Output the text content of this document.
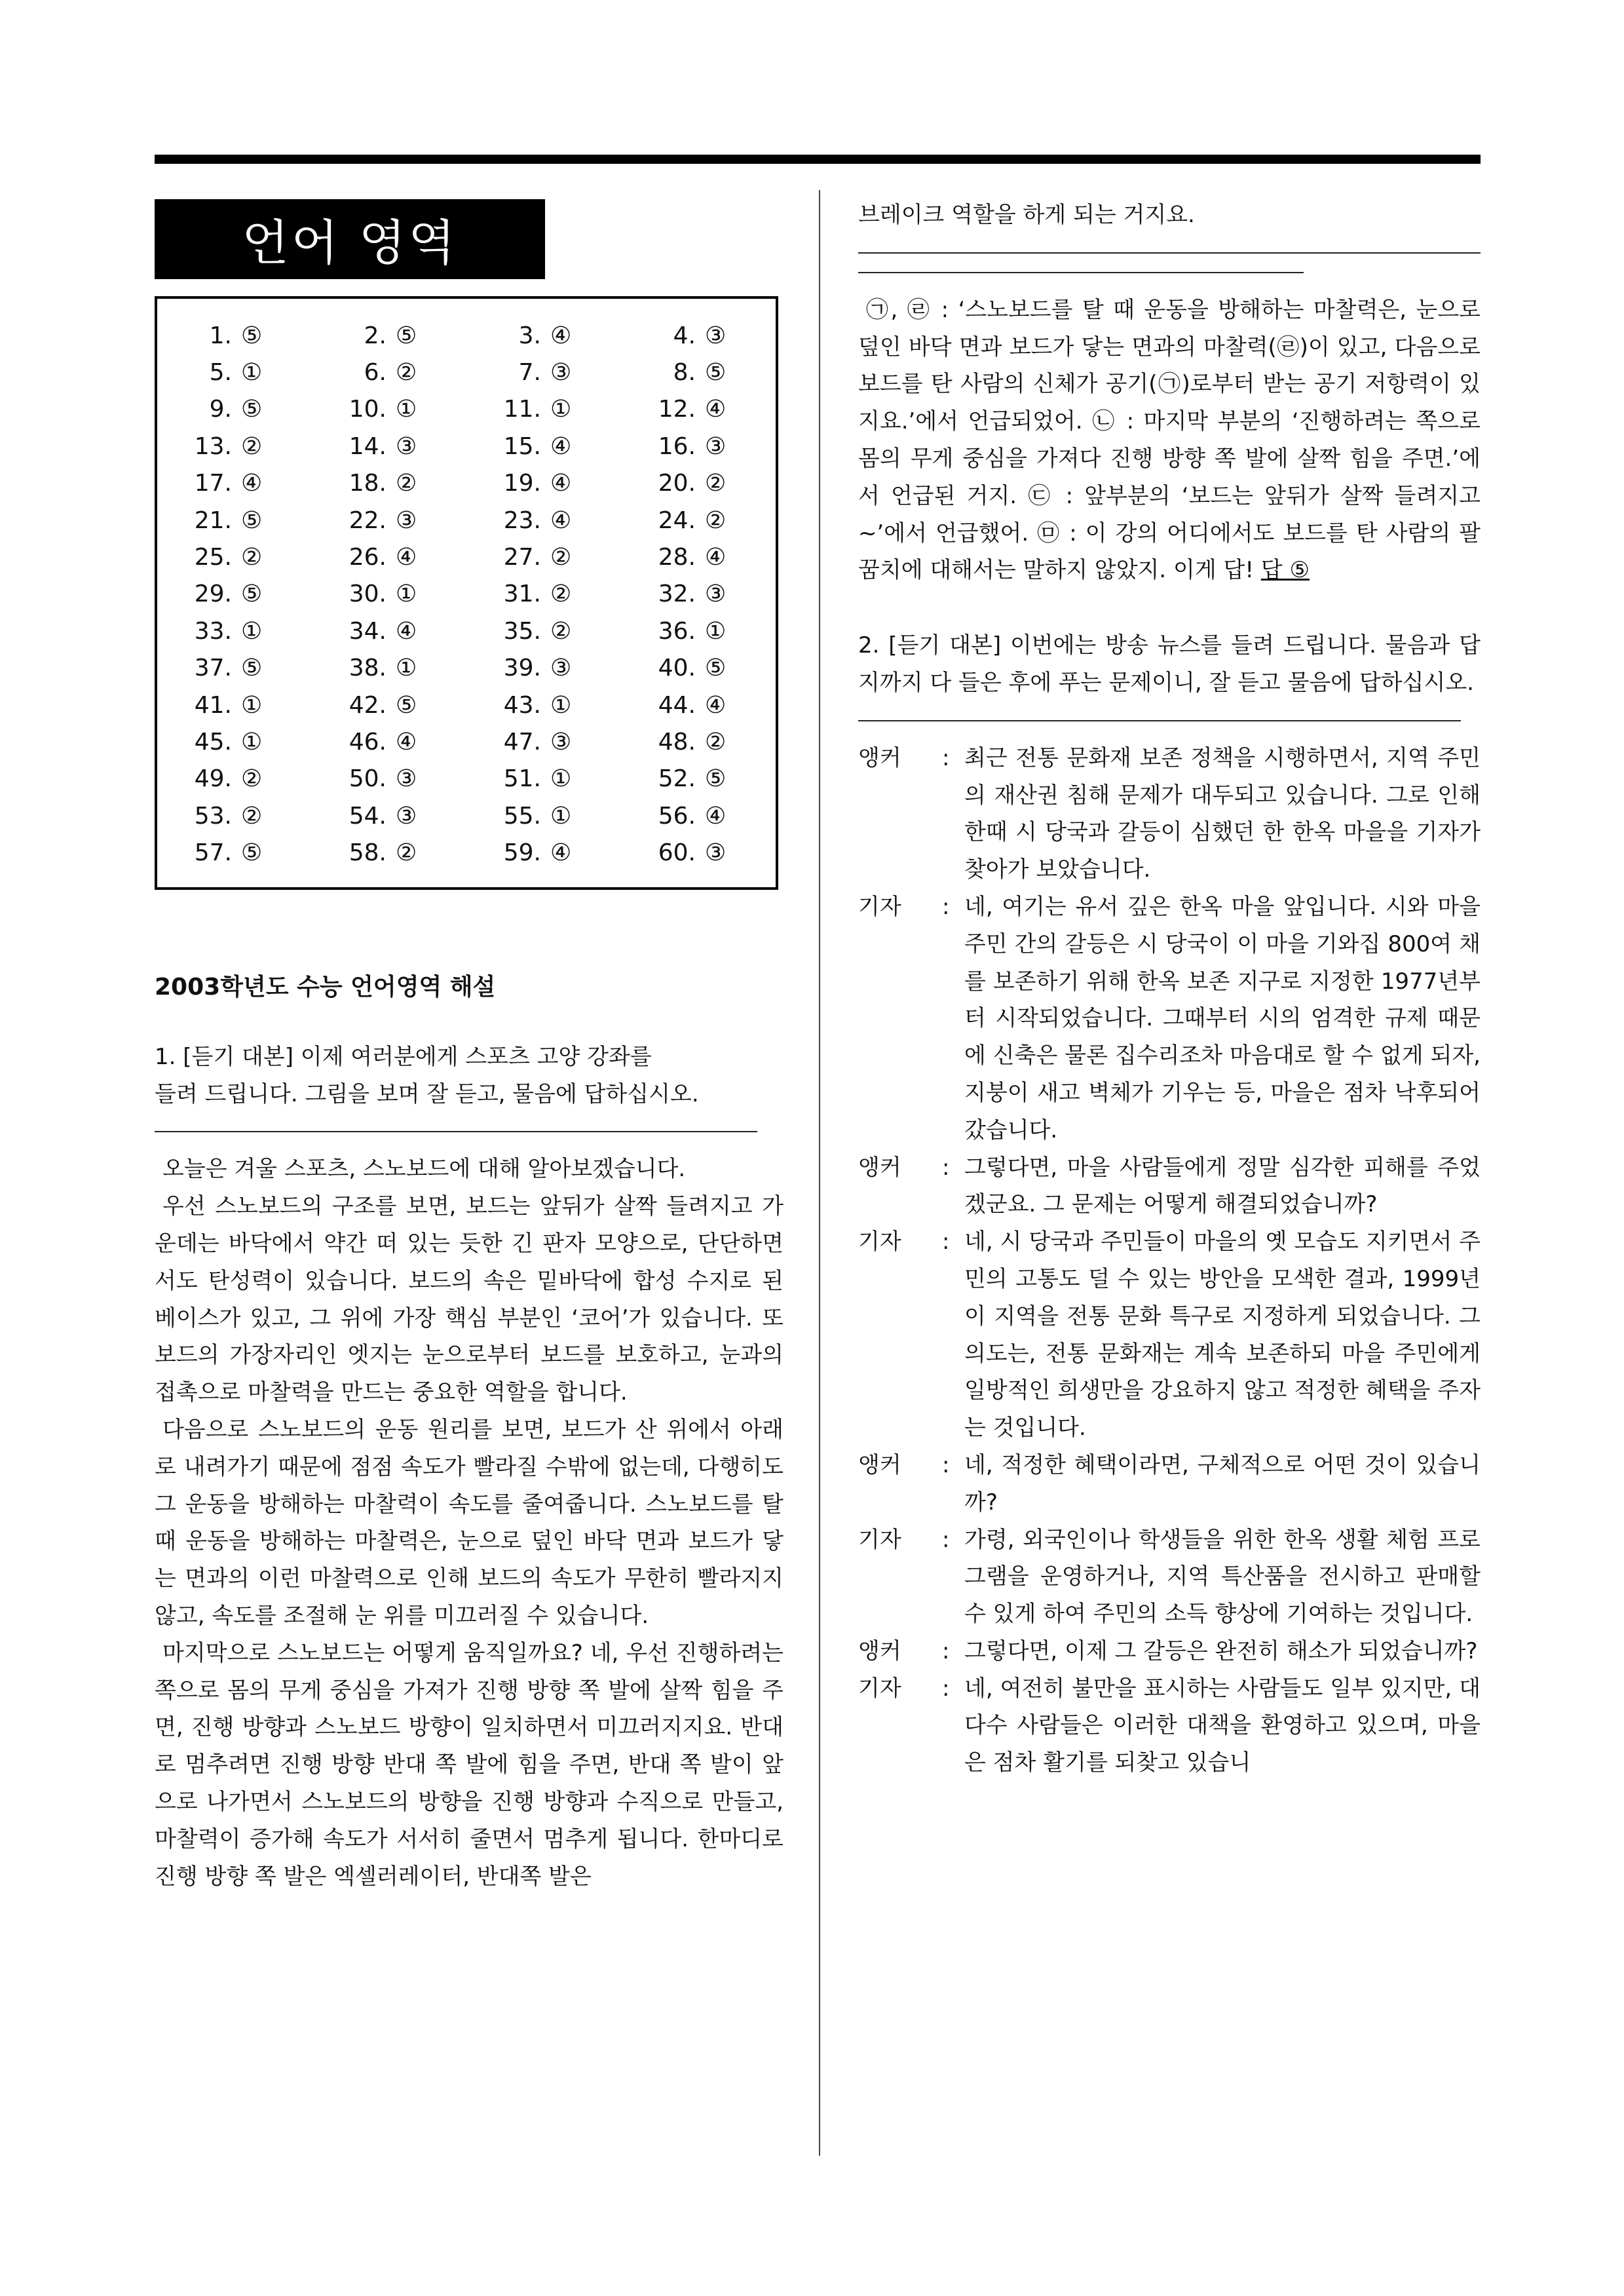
언어 영역
1. ⑤	2. ⑤	3. ④	4. ③
5. ①	6. ②	7. ③	8. ⑤
9. ⑤	10. ①	11. ①	12. ④
13. ②	14. ③	15. ④	16. ③
17. ④	18. ②	19. ④	20. ②
21. ⑤	22. ③	23. ④	24. ②
25. ②	26. ④	27. ②	28. ④
29. ⑤	30. ①	31. ②	32. ③
33. ①	34. ④	35. ②	36. ①
37. ⑤	38. ①	39. ③	40. ⑤
41. ①	42. ⑤	43. ①	44. ④
45. ①	46. ④	47. ③	48. ②
49. ②	50. ③	51. ①	52. ⑤
53. ②	54. ③	55. ①	56. ④
57. ⑤	58. ②	59. ④	60. ③
2003학년도 수능 언어영역 해설

1. [듣기 대본] 이제 여러분에게 스포츠 고양 강좌를

들려 드립니다. 그림을 보며 잘 듣고, 물음에 답하십시오.

오늘은 겨울 스포츠, 스노보드에 대해 알아보겠습니다.

우선 스노보드의 구조를 보면, 보드는 앞뒤가 살짝 들려지고 가운데는 바닥에서 약간 떠 있는 듯한 긴 판자 모양으로, 단단하면서도 탄성력이 있습니다. 보드의 속은 밑바닥에 합성 수지로 된 베이스가 있고, 그 위에 가장 핵심 부분인 ‘코어’가 있습니다. 또 보드의 가장자리인 엣지는 눈으로부터 보드를 보호하고, 눈과의 접촉으로 마찰력을 만드는 중요한 역할을 합니다.

다음으로 스노보드의 운동 원리를 보면, 보드가 산 위에서 아래로 내려가기 때문에 점점 속도가 빨라질 수밖에 없는데, 다행히도 그 운동을 방해하는 마찰력이 속도를 줄여줍니다. 스노보드를 탈 때 운동을 방해하는 마찰력은, 눈으로 덮인 바닥 면과 보드가 닿는 면과의 이런 마찰력으로 인해 보드의 속도가 무한히 빨라지지 않고, 속도를 조절해 눈 위를 미끄러질 수 있습니다.

마지막으로 스노보드는 어떻게 움직일까요? 네, 우선 진행하려는 쪽으로 몸의 무게 중심을 가져가 진행 방향 쪽 발에 살짝 힘을 주면, 진행 방향과 스노보드 방향이 일치하면서 미끄러지지요. 반대로 멈추려면 진행 방향 반대 쪽 발에 힘을 주면, 반대 쪽 발이 앞으로 나가면서 스노보드의 방향을 진행 방향과 수직으로 만들고, 마찰력이 증가해 속도가 서서히 줄면서 멈추게 됩니다. 한마디로 진행 방향 쪽 발은 엑셀러레이터, 반대쪽 발은

브레이크 역할을 하게 되는 거지요.

㉠, ㉣ : ‘스노보드를 탈 때 운동을 방해하는 마찰력은, 눈으로 덮인 바닥 면과 보드가 닿는 면과의 마찰력(㉣)이 있고, 다음으로 보드를 탄 사람의 신체가 공기(㉠)로부터 받는 공기 저항력이 있지요.’에서 언급되었어. ㉡ : 마지막 부분의 ‘진행하려는 쪽으로 몸의 무게 중심을 가져다 진행 방향 쪽 발에 살짝 힘을 주면.’에서 언급된 거지. ㉢ : 앞부분의 ‘보드는 앞뒤가 살짝 들려지고~’에서 언급했어. ㉤ : 이 강의 어디에서도 보드를 탄 사람의 팔꿈치에 대해서는 말하지 않았지. 이게 답! 답 ⑤

2. [듣기 대본] 이번에는 방송 뉴스를 들려 드립니다. 물음과 답지까지 다 들은 후에 푸는 문제이니, 잘 듣고 물음에 답하십시오.

앵커	: 최근 전통 문화재 보존 정책을 시행하면서, 지역 주민의 재산권 침해 문제가 대두되고 있습니다. 그로 인해 한때 시 당국과 갈등이 심했던 한 한옥 마을을 기자가 찾아가 보았습니다.
기자	: 네, 여기는 유서 깊은 한옥 마을 앞입니다. 시와 마을 주민 간의 갈등은 시 당국이 이 마을 기와집 800여 채를 보존하기 위해 한옥 보존 지구로 지정한 1977년부터 시작되었습니다. 그때부터 시의 엄격한 규제 때문에 신축은 물론 집수리조차 마음대로 할 수 없게 되자, 지붕이 새고 벽체가 기우는 등, 마을은 점차 낙후되어 갔습니다.
앵커	: 그렇다면, 마을 사람들에게 정말 심각한 피해를 주었겠군요. 그 문제는 어떻게 해결되었습니까?
기자	: 네, 시 당국과 주민들이 마을의 옛 모습도 지키면서 주민의 고통도 덜 수 있는 방안을 모색한 결과, 1999년 이 지역을 전통 문화 특구로 지정하게 되었습니다. 그 의도는, 전통 문화재는 계속 보존하되 마을 주민에게 일방적인 희생만을 강요하지 않고 적정한 혜택을 주자는 것입니다.
앵커	: 네, 적정한 혜택이라면, 구체적으로 어떤 것이 있습니까?
기자	: 가령, 외국인이나 학생들을 위한 한옥 생활 체험 프로그램을 운영하거나, 지역 특산품을 전시하고 판매할 수 있게 하여 주민의 소득 향상에 기여하는 것입니다.
앵커	: 그렇다면, 이제 그 갈등은 완전히 해소가 되었습니까?
기자	: 네, 여전히 불만을 표시하는 사람들도 일부 있지만, 대다수 사람들은 이러한 대책을 환영하고 있으며, 마을은 점차 활기를 되찾고 있습니
